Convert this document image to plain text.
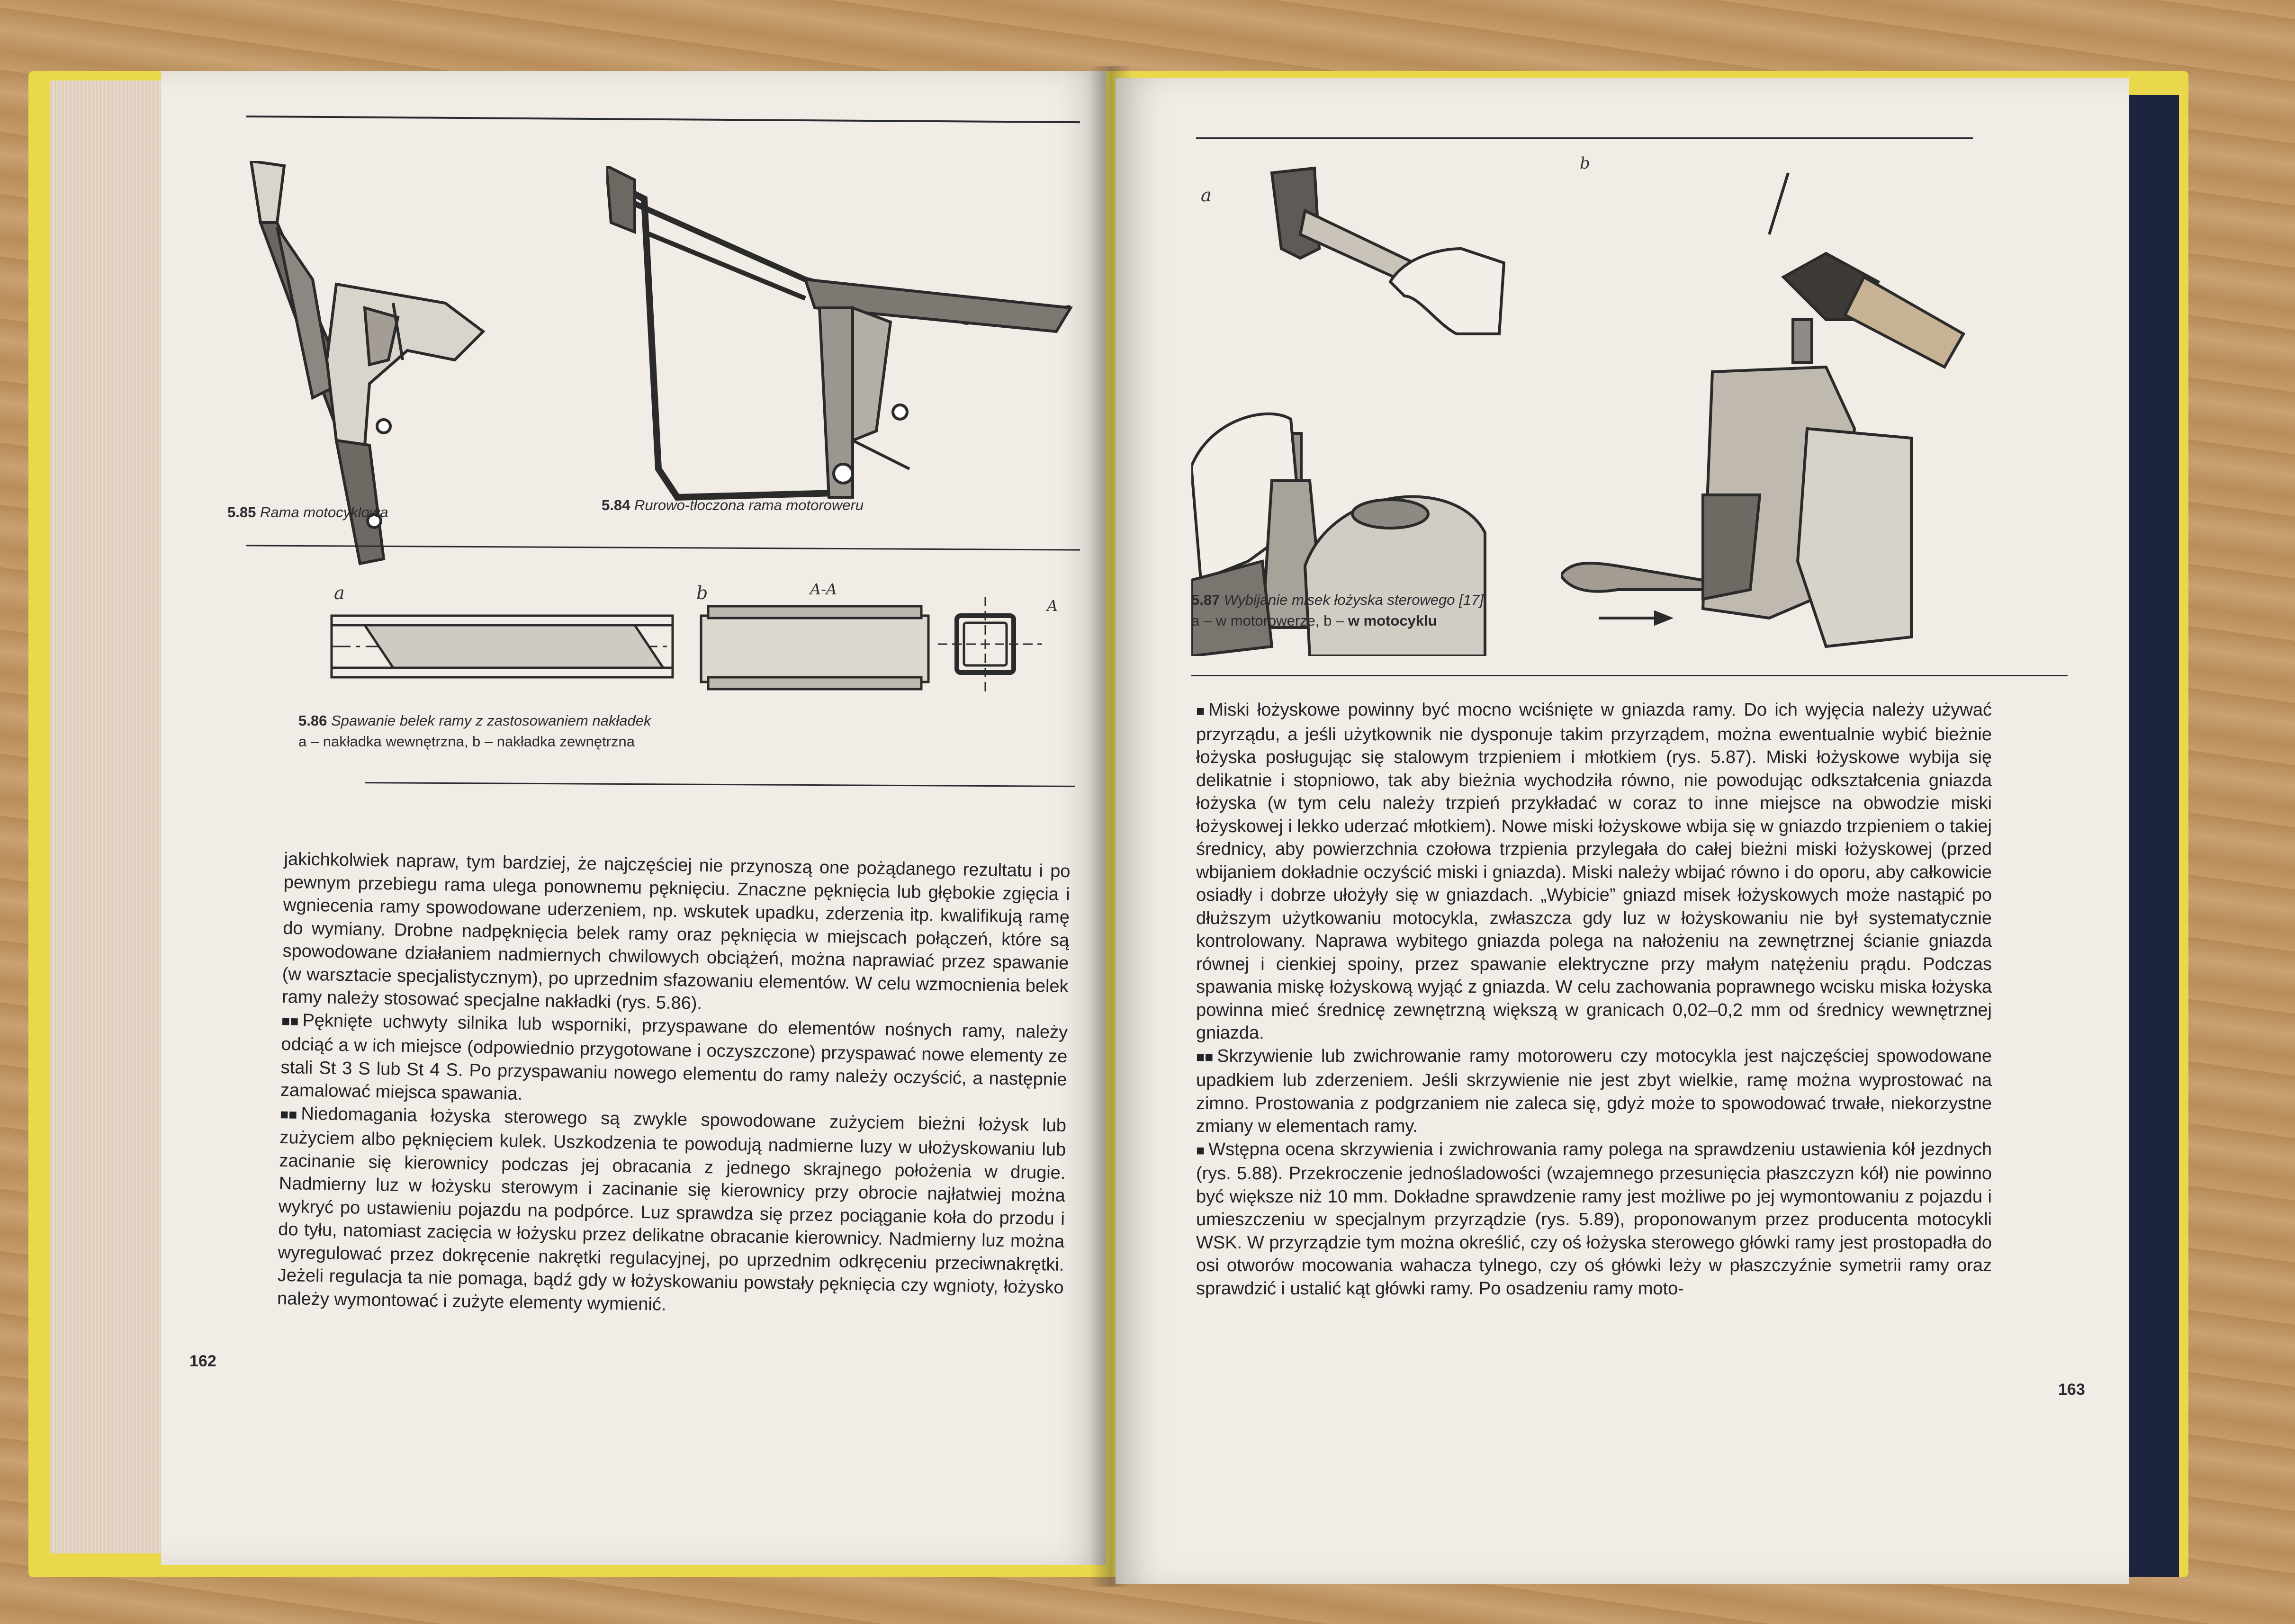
5.85 Rama motocyklowa	5.84 Rurowo-tłoczona rama motoroweru
a	b	A-A
A
5.86 Spawanie belek ramy z zastosowaniem nakładek
a – nakładka wewnętrzna, b – nakładka zewnętrzna

jakichkolwiek napraw, tym bardziej, że najczęściej nie przynoszą one pożądanego rezultatu i po pewnym przebiegu rama ulega ponownemu pęknięciu. Znaczne pęknięcia lub głębokie zgięcia i wgniecenia ramy spowodowane uderzeniem, np. wskutek upadku, zderzenia itp. kwalifikują ramę do wymiany. Drobne nadpęknięcia belek ramy oraz pęknięcia w miejscach połączeń, które są spowodowane działaniem nadmiernych chwilowych obciążeń, można naprawiać przez spawanie (w warsztacie specjalistycznym), po uprzednim sfazowaniu elementów. W celu wzmocnienia belek ramy należy stosować specjalne nakładki (rys. 5.86).

■■ Pęknięte uchwyty silnika lub wsporniki, przyspawane do elementów nośnych ramy, należy odciąć a w ich miejsce (odpowiednio przygotowane i oczyszczone) przyspawać nowe elementy ze stali St 3 S lub St 4 S. Po przyspawaniu nowego elementu do ramy należy oczyścić, a następnie zamalować miejsca spawania.

■■ Niedomagania łożyska sterowego są zwykle spowodowane zużyciem bieżni łożysk lub zużyciem albo pęknięciem kulek. Uszkodzenia te powodują nadmierne luzy w ułożyskowaniu lub zacinanie się kierownicy podczas jej obracania z jednego skrajnego położenia w drugie. Nadmierny luz w łożysku sterowym i zacinanie się kierownicy przy obrocie najłatwiej można wykryć po ustawieniu pojazdu na podpórce. Luz sprawdza się przez pociąganie koła do przodu i do tyłu, natomiast zacięcia w łożysku przez delikatne obracanie kierownicy. Nadmierny luz można wyregulować przez dokręcenie nakrętki regulacyjnej, po uprzednim odkręceniu przeciwnakrętki. Jeżeli regulacja ta nie pomaga, bądź gdy w łożyskowaniu powstały pęknięcia czy wgnioty, łożysko należy wymontować i zużyte elementy wymienić.

162
a
b
5.87 Wybijanie misek łożyska sterowego [17]
a – w motorowerze, b – w motocyklu

■ Miski łożyskowe powinny być mocno wciśnięte w gniazda ramy. Do ich wyjęcia należy używać przyrządu, a jeśli użytkownik nie dysponuje takim przyrządem, można ewentualnie wybić bieżnie łożyska posługując się stalowym trzpieniem i młotkiem (rys. 5.87). Miski łożyskowe wybija się delikatnie i stopniowo, tak aby bieżnia wychodziła równo, nie powodując odkształcenia gniazda łożyska (w tym celu należy trzpień przykładać w coraz to inne miejsce na obwodzie miski łożyskowej i lekko uderzać młotkiem). Nowe miski łożyskowe wbija się w gniazdo trzpieniem o takiej średnicy, aby powierzchnia czołowa trzpienia przylegała do całej bieżni miski łożyskowej (przed wbijaniem dokładnie oczyścić miski i gniazda). Miski należy wbijać równo i do oporu, aby całkowicie osiadły i dobrze ułożyły się w gniazdach. „Wybicie” gniazd misek łożyskowych może nastąpić po dłuższym użytkowaniu motocykla, zwłaszcza gdy luz w łożyskowaniu nie był systematycznie kontrolowany. Naprawa wybitego gniazda polega na nałożeniu na zewnętrznej ścianie gniazda równej i cienkiej spoiny, przez spawanie elektryczne przy małym natężeniu prądu. Podczas spawania miskę łożyskową wyjąć z gniazda. W celu zachowania poprawnego wcisku miska łożyska powinna mieć średnicę zewnętrzną większą w granicach 0,02–0,2 mm od średnicy wewnętrznej gniazda.

■■ Skrzywienie lub zwichrowanie ramy motoroweru czy motocykla jest najczęściej spowodowane upadkiem lub zderzeniem. Jeśli skrzywienie nie jest zbyt wielkie, ramę można wyprostować na zimno. Prostowania z podgrzaniem nie zaleca się, gdyż może to spowodować trwałe, niekorzystne zmiany w elementach ramy.

■ Wstępna ocena skrzywienia i zwichrowania ramy polega na sprawdzeniu ustawienia kół jezdnych (rys. 5.88). Przekroczenie jednośladowości (wzajemnego przesunięcia płaszczyzn kół) nie powinno być większe niż 10 mm. Dokładne sprawdzenie ramy jest możliwe po jej wymontowaniu z pojazdu i umieszczeniu w specjalnym przyrządzie (rys. 5.89), proponowanym przez producenta motocykli WSK. W przyrządzie tym można określić, czy oś łożyska sterowego główki ramy jest prostopadła do osi otworów mocowania wahacza tylnego, czy oś główki leży w płaszczyźnie symetrii ramy oraz sprawdzić i ustalić kąt główki ramy. Po osadzeniu ramy moto-

163
